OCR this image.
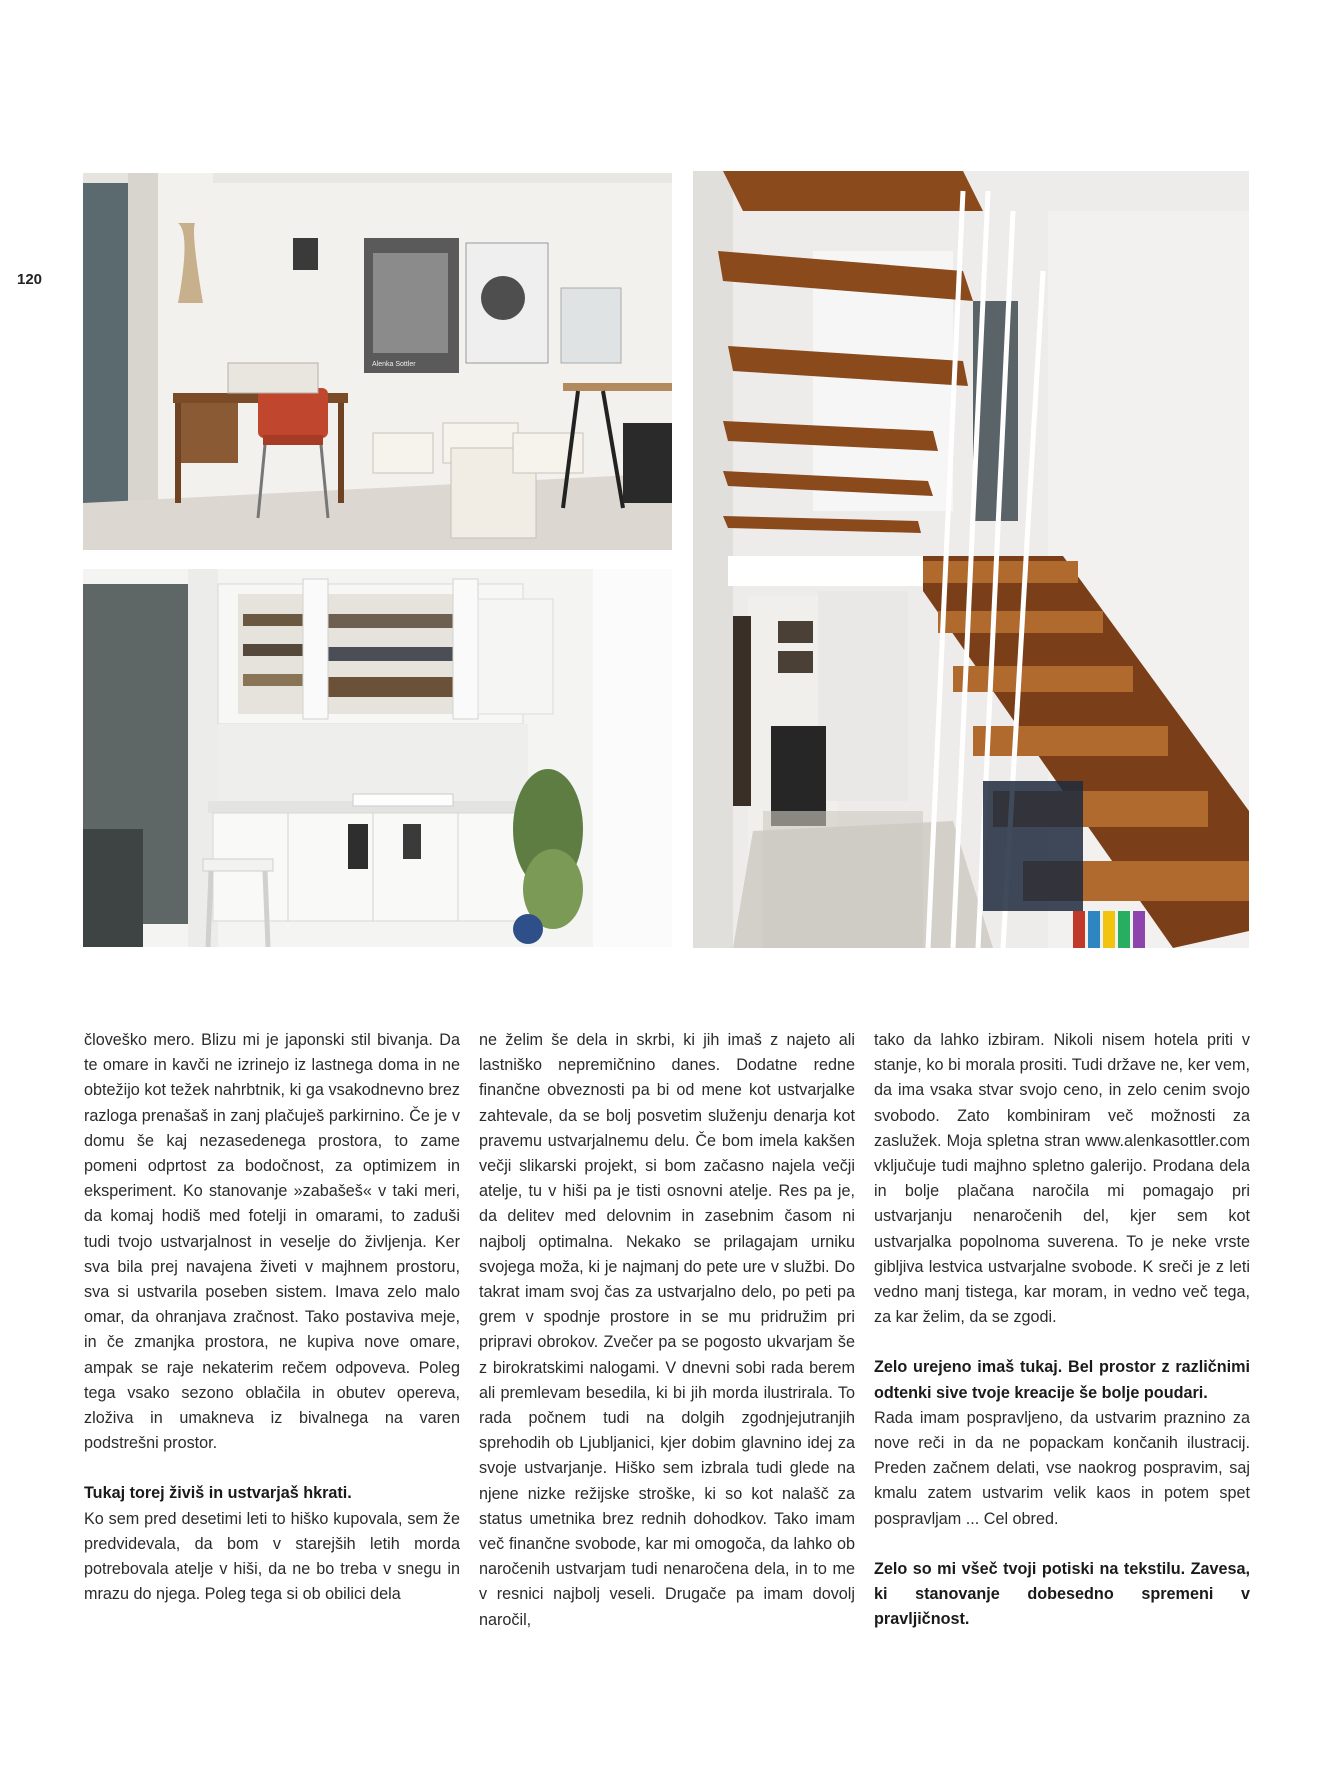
120
Alenka Sottler

človeško mero. Blizu mi je japonski stil bivanja. Da te omare in kavči ne izrinejo iz lastnega doma in ne obtežijo kot težek nahrbtnik, ki ga vsakodnevno brez razloga prenašaš in zanj plačuješ parkirnino. Če je v domu še kaj nezasedenega prostora, to zame pomeni odprtost za bodočnost, za optimizem in eksperiment. Ko stanovanje »zabašeš« v taki meri, da komaj hodiš med fotelji in omarami, to zaduši tudi tvojo ustvarjalnost in veselje do življenja. Ker sva bila prej navajena živeti v majhnem prostoru, sva si ustvarila poseben sistem. Imava zelo malo omar, da ohranjava zračnost. Tako postaviva meje, in če zmanjka prostora, ne kupiva nove omare, ampak se raje nekaterim rečem odpoveva. Poleg tega vsako sezono oblačila in obutev opereva, zloživa in umakneva iz bivalnega na varen podstrešni prostor.

Tukaj torej živiš in ustvarjaš hkrati.

Ko sem pred desetimi leti to hiško kupovala, sem že predvidevala, da bom v starejših letih morda potrebovala atelje v hiši, da ne bo treba v snegu in mrazu do njega. Poleg tega si ob obilici dela

ne želim še dela in skrbi, ki jih imaš z najeto ali lastniško nepremičnino danes. Dodatne redne finančne obveznosti pa bi od mene kot ustvarjalke zahtevale, da se bolj posvetim služenju denarja kot pravemu ustvarjalnemu delu. Če bom imela kakšen večji slikarski projekt, si bom začasno najela večji atelje, tu v hiši pa je tisti osnovni atelje. Res pa je, da delitev med delovnim in zasebnim časom ni najbolj optimalna. Nekako se prilagajam urniku svojega moža, ki je najmanj do pete ure v službi. Do takrat imam svoj čas za ustvarjalno delo, po peti pa grem v spodnje prostore in se mu pridružim pri pripravi obrokov. Zvečer pa se pogosto ukvarjam še z birokratskimi nalogami. V dnevni sobi rada berem ali premlevam besedila, ki bi jih morda ilustrirala. To rada počnem tudi na dolgih zgodnjejutranjih sprehodih ob Ljubljanici, kjer dobim glavnino idej za svoje ustvarjanje. Hiško sem izbrala tudi glede na njene nizke režijske stroške, ki so kot nalašč za status umetnika brez rednih dohodkov. Tako imam več finančne svobode, kar mi omogoča, da lahko ob naročenih ustvarjam tudi nenaročena dela, in to me v resnici najbolj veseli. Drugače pa imam dovolj naročil,

tako da lahko izbiram. Nikoli nisem hotela priti v stanje, ko bi morala prositi. Tudi države ne, ker vem, da ima vsaka stvar svojo ceno, in zelo cenim svojo svobodo. Zato kombiniram več možnosti za zaslužek. Moja spletna stran www.alenkasottler.com vključuje tudi majhno spletno galerijo. Prodana dela in bolje plačana naročila mi pomagajo pri ustvarjanju nenaročenih del, kjer sem kot ustvarjalka popolnoma suverena. To je neke vrste gibljiva lestvica ustvarjalne svobode. K sreči je z leti vedno manj tistega, kar moram, in vedno več tega, za kar želim, da se zgodi.

Zelo urejeno imaš tukaj. Bel prostor z različnimi odtenki sive tvoje kreacije še bolje poudari.

Rada imam pospravljeno, da ustvarim praznino za nove reči in da ne popackam končanih ilustracij. Preden začnem delati, vse naokrog pospravim, saj kmalu zatem ustvarim velik kaos in potem spet pospravljam ... Cel obred.

Zelo so mi všeč tvoji potiski na tekstilu. Zavesa, ki stanovanje dobesedno spremeni v pravljičnost.
